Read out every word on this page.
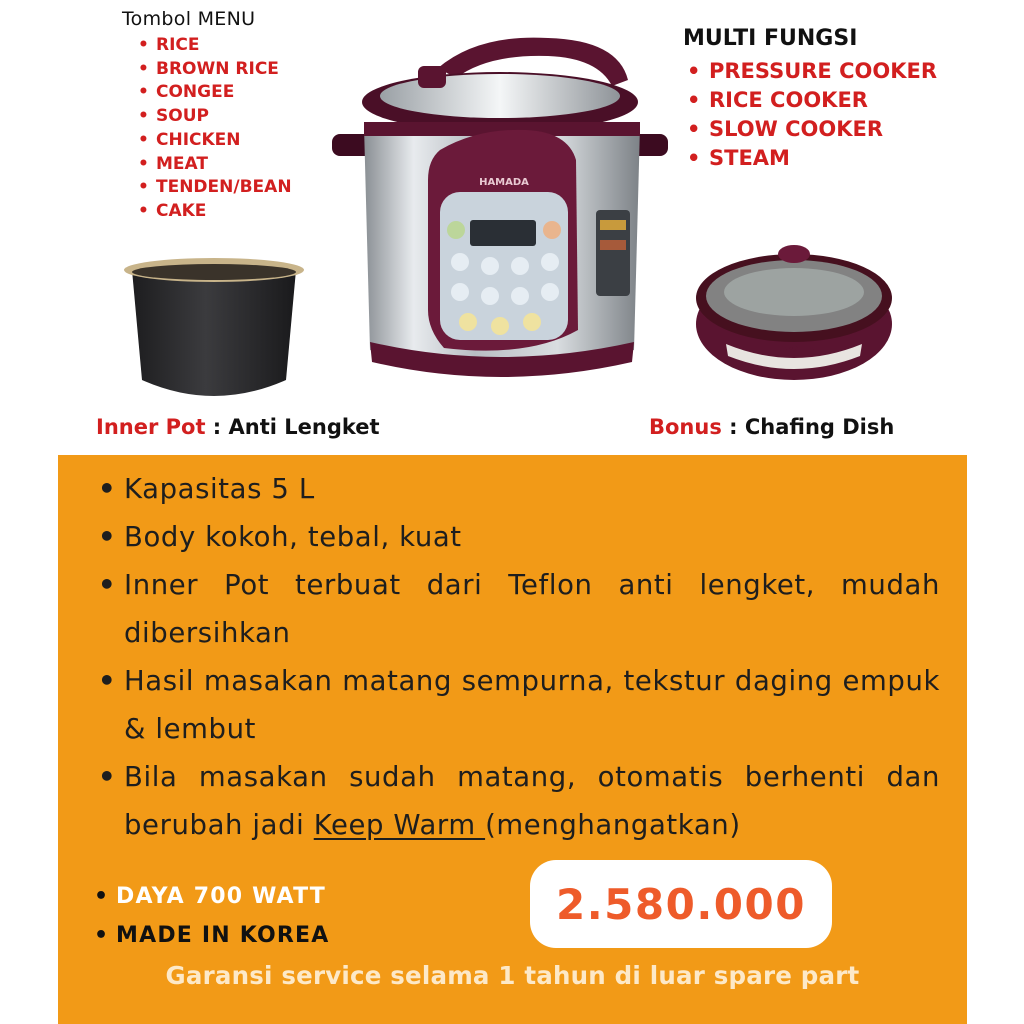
Tombol MENU
• RICE
• BROWN RICE
• CONGEE
• SOUP
• CHICKEN
• MEAT
• TENDEN/BEAN
• CAKE
MULTI FUNGSI
• PRESSURE COOKER
• RICE COOKER
• SLOW COOKER
• STEAM
HAMADA
HAMADA
Inner Pot : Anti Lengket	Bonus : Chafing Dish
• Kapasitas 5 L
• Body kokoh, tebal, kuat
• Inner Pot terbuat dari Teflon anti lengket, mudah dibersihkan
• Hasil masakan matang sempurna, tekstur daging empuk & lembut
• Bila masakan sudah matang, otomatis berhenti dan berubah jadi Keep Warm (menghangatkan)
• DAYA 700 WATT
• MADE IN KOREA
2.580.000
Garansi service selama 1 tahun di luar spare part
